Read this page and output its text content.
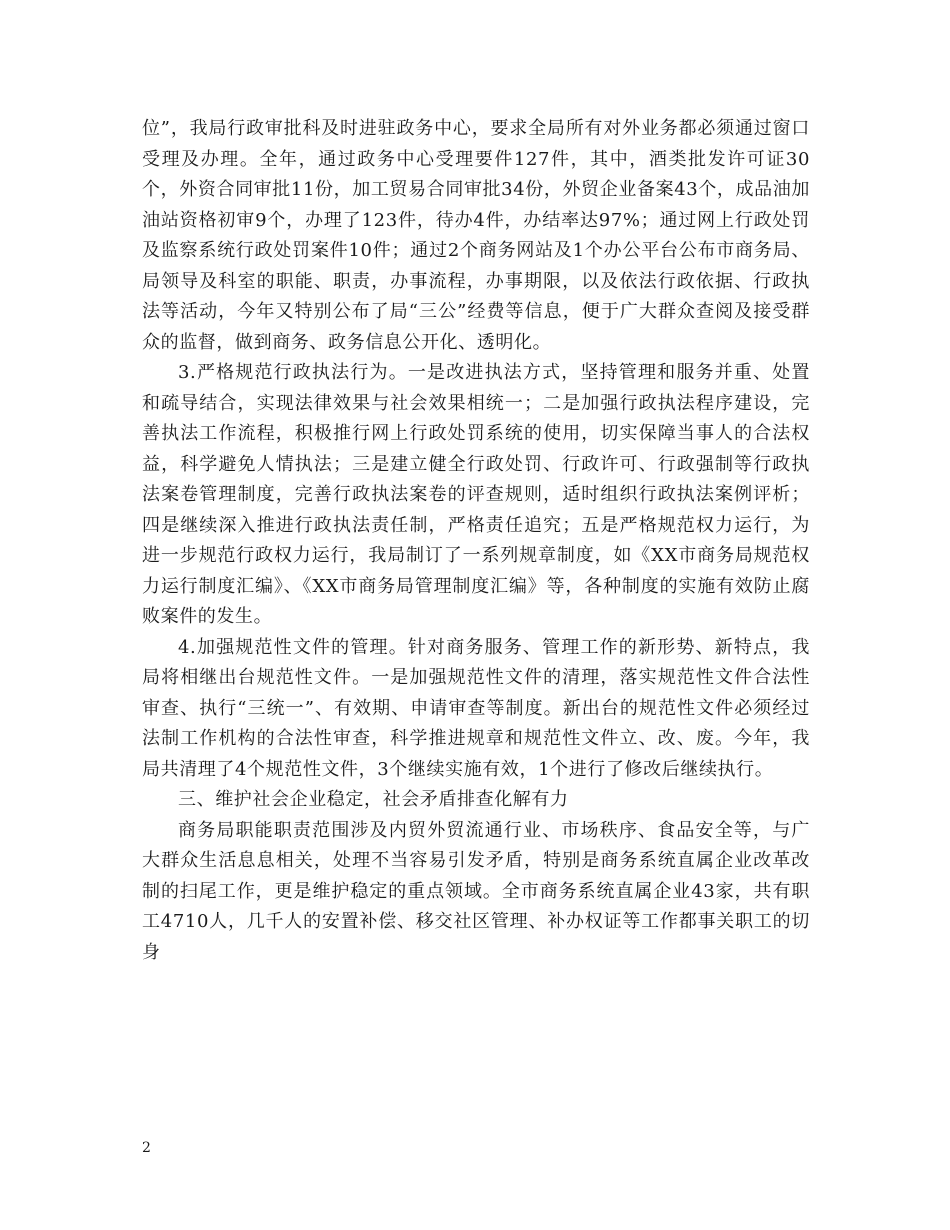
位”，我局行政审批科及时进驻政务中心，要求全局所有对外业务都必须通过窗口受理及办理。全年，通过政务中心受理要件127件，其中，酒类批发许可证30个，外资合同审批11份，加工贸易合同审批34份，外贸企业备案43个，成品油加油站资格初审9个，办理了123件，待办4件，办结率达97%；通过网上行政处罚及监察系统行政处罚案件10件；通过2个商务网站及1个办公平台公布市商务局、局领导及科室的职能、职责，办事流程，办事期限，以及依法行政依据、行政执法等活动，今年又特别公布了局“三公”经费等信息，便于广大群众查阅及接受群众的监督，做到商务、政务信息公开化、透明化。

3.严格规范行政执法行为。一是改进执法方式，坚持管理和服务并重、处置和疏导结合，实现法律效果与社会效果相统一；二是加强行政执法程序建设，完善执法工作流程，积极推行网上行政处罚系统的使用，切实保障当事人的合法权益，科学避免人情执法；三是建立健全行政处罚、行政许可、行政强制等行政执法案卷管理制度，完善行政执法案卷的评查规则，适时组织行政执法案例评析；四是继续深入推进行政执法责任制，严格责任追究；五是严格规范权力运行，为进一步规范行政权力运行，我局制订了一系列规章制度，如《XX市商务局规范权力运行制度汇编》、《XX市商务局管理制度汇编》等，各种制度的实施有效防止腐败案件的发生。

4.加强规范性文件的管理。针对商务服务、管理工作的新形势、新特点，我局将相继出台规范性文件。一是加强规范性文件的清理，落实规范性文件合法性审查、执行“三统一”、有效期、申请审查等制度。新出台的规范性文件必须经过法制工作机构的合法性审查，科学推进规章和规范性文件立、改、废。今年，我局共清理了4个规范性文件，3个继续实施有效，1个进行了修改后继续执行。

三、维护社会企业稳定，社会矛盾排查化解有力

商务局职能职责范围涉及内贸外贸流通行业、市场秩序、食品安全等，与广大群众生活息息相关，处理不当容易引发矛盾，特别是商务系统直属企业改革改制的扫尾工作，更是维护稳定的重点领域。全市商务系统直属企业43家，共有职工4710人，几千人的安置补偿、移交社区管理、补办权证等工作都事关职工的切身

2
